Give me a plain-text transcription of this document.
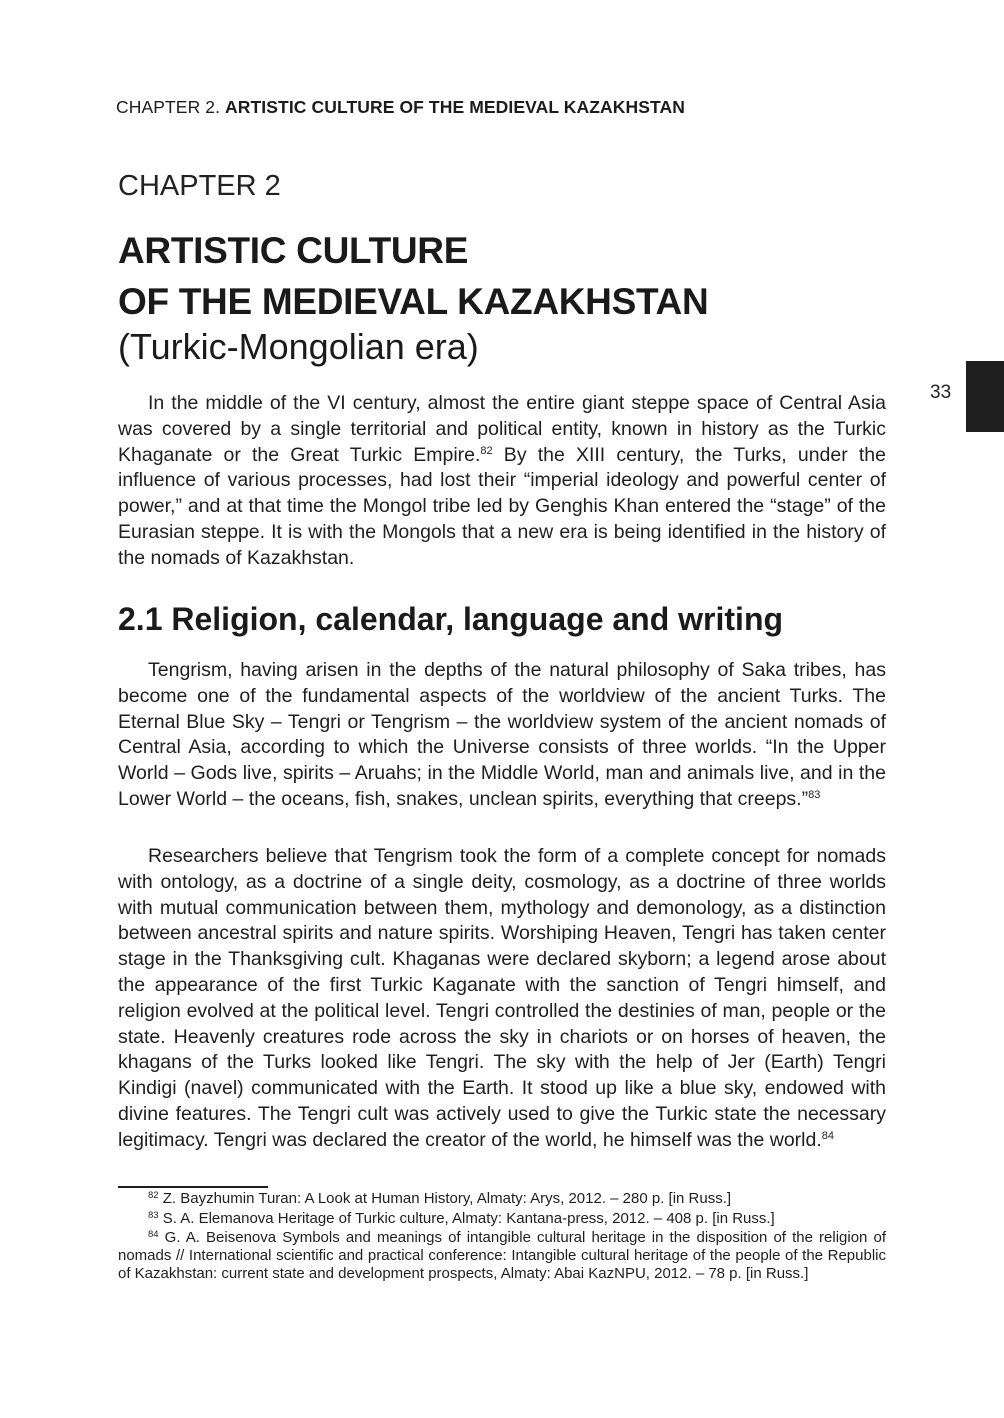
CHAPTER 2. ARTISTIC CULTURE OF THE MEDIEVAL KAZAKHSTAN
CHAPTER 2
ARTISTIC CULTURE
OF THE MEDIEVAL KAZAKHSTAN
(Turkic-Mongolian era)
33

In the middle of the VI century, almost the entire giant steppe space of Central Asia was covered by a single territorial and political entity, known in history as the Turkic Khaganate or the Great Turkic Empire.$^{82}$ By the XIII century, the Turks, under the influence of various processes, had lost their “imperial ideology and powerful center of power,” and at that time the Mongol tribe led by Genghis Khan entered the “stage” of the Eurasian steppe. It is with the Mongols that a new era is being identified in the history of the nomads of Kazakhstan.

2.1 Religion, calendar, language and writing

Tengrism, having arisen in the depths of the natural philosophy of Saka tribes, has become one of the fundamental aspects of the worldview of the ancient Turks. The Eternal Blue Sky – Tengri or Tengrism – the worldview system of the ancient nomads of Central Asia, according to which the Universe consists of three worlds. “In the Upper World – Gods live, spirits – Aruahs; in the Middle World, man and animals live, and in the Lower World – the oceans, fish, snakes, unclean spirits, everything that creeps.”$^{83}$

Researchers believe that Tengrism took the form of a complete concept for nomads with ontology, as a doctrine of a single deity, cosmology, as a doctrine of three worlds with mutual communication between them, mythology and demonology, as a distinction between ancestral spirits and nature spirits. Worshiping Heaven, Tengri has taken center stage in the Thanksgiving cult. Khaganas were declared skyborn; a legend arose about the appearance of the first Turkic Kaganate with the sanction of Tengri himself, and religion evolved at the political level. Tengri controlled the destinies of man, people or the state. Heavenly creatures rode across the sky in chariots or on horses of heaven, the khagans of the Turks looked like Tengri. The sky with the help of Jer (Earth) Tengri Kindigi (navel) communicated with the Earth. It stood up like a blue sky, endowed with divine features. The Tengri cult was actively used to give the Turkic state the necessary legitimacy. Tengri was declared the creator of the world, he himself was the world.$^{84}$

$^{82}$ Z. Bayzhumin Turan: A Look at Human History, Almaty: Arys, 2012. – 280 p. [in Russ.]

$^{83}$ S. A. Elemanova Heritage of Turkic culture, Almaty: Kantana-press, 2012. – 408 p. [in Russ.]

$^{84}$ G. A. Beisenova Symbols and meanings of intangible cultural heritage in the disposition of the religion of nomads // International scientific and practical conference: Intangible cultural heritage of the people of the Republic of Kazakhstan: current state and development prospects, Almaty: Abai KazNPU, 2012. – 78 p. [in Russ.]
